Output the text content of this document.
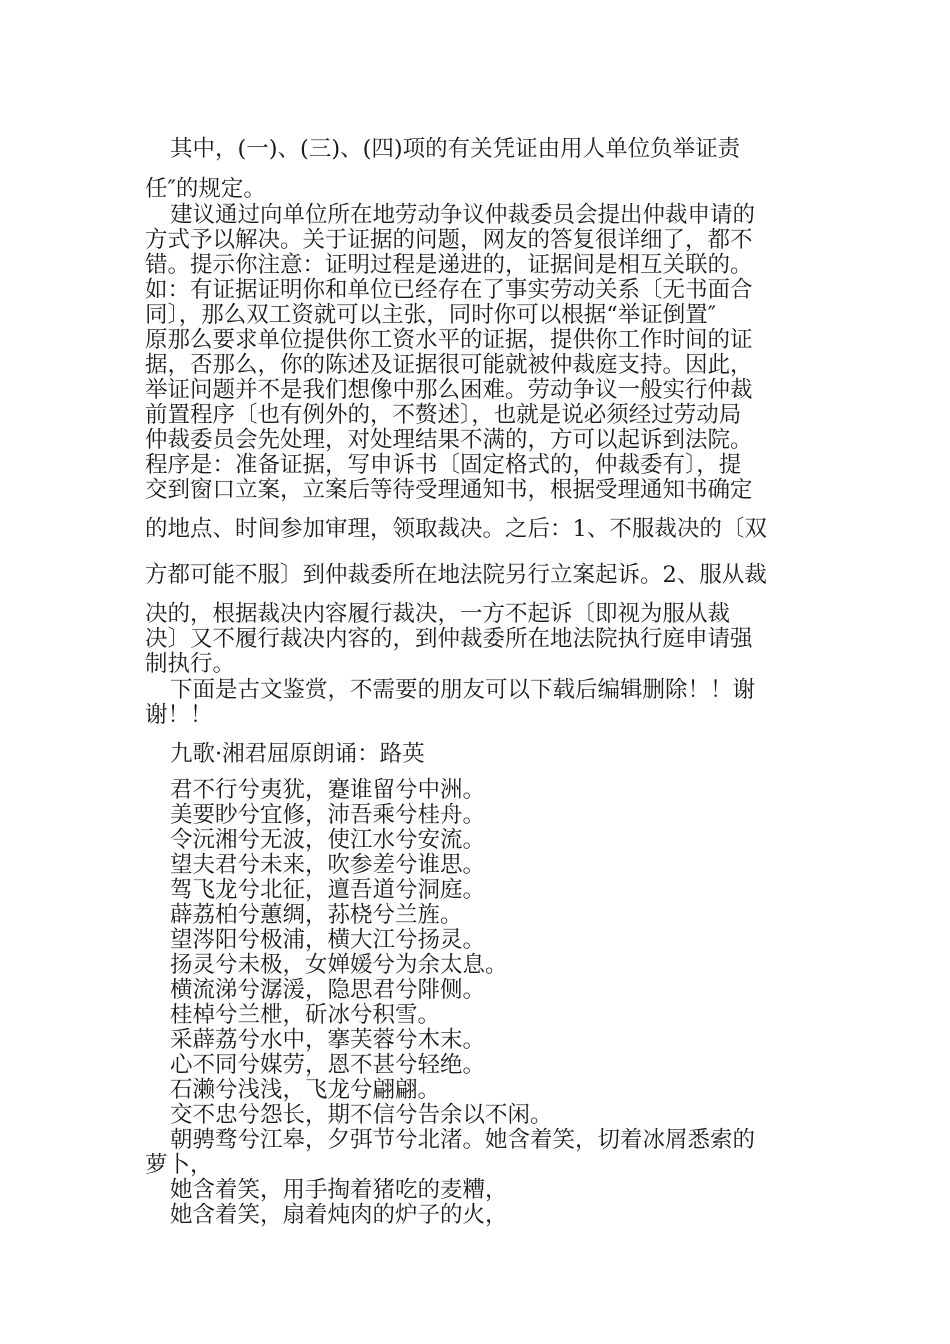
其中，(一)、(三)、(四)项的有关凭证由用人单位负举证责
任″的规定。
建议通过向单位所在地劳动争议仲裁委员会提出仲裁申请的
方式予以解决。关于证据的问题，网友的答复很详细了，都不
错。提示你注意：证明过程是递进的，证据间是相互关联的。
如：有证据证明你和单位已经存在了事实劳动关系〔无书面合
同〕，那么双工资就可以主张，同时你可以根据“举证倒置″
原那么要求单位提供你工资水平的证据，提供你工作时间的证
据，否那么，你的陈述及证据很可能就被仲裁庭支持。因此，
举证问题并不是我们想像中那么困难。劳动争议一般实行仲裁
前置程序〔也有例外的，不赘述〕，也就是说必须经过劳动局
仲裁委员会先处理，对处理结果不满的，方可以起诉到法院。
程序是：准备证据，写申诉书〔固定格式的，仲裁委有〕，提
交到窗口立案，立案后等待受理通知书，根据受理通知书确定
的地点、时间参加审理，领取裁决。之后：1、不服裁决的〔双
方都可能不服〕到仲裁委所在地法院另行立案起诉。2、服从裁
决的，根据裁决内容履行裁决，一方不起诉〔即视为服从裁
决〕又不履行裁决内容的，到仲裁委所在地法院执行庭申请强
制执行。
下面是古文鉴赏，不需要的朋友可以下载后编辑删除！！谢
谢！！
九歌·湘君屈原朗诵：路英
君不行兮夷犹，蹇谁留兮中洲。
美要眇兮宜修，沛吾乘兮桂舟。
令沅湘兮无波，使江水兮安流。
望夫君兮未来，吹参差兮谁思。
驾飞龙兮北征，邅吾道兮洞庭。
薜荔柏兮蕙绸，荪桡兮兰旌。
望涔阳兮极浦，横大江兮扬灵。
扬灵兮未极，女婵媛兮为余太息。
横流涕兮潺湲，隐思君兮陫侧。
桂棹兮兰枻，斫冰兮积雪。
采薜荔兮水中，搴芙蓉兮木末。
心不同兮媒劳，恩不甚兮轻绝。
石濑兮浅浅，飞龙兮翩翩。
交不忠兮怨长，期不信兮告余以不闲。
朝骋骛兮江皋，夕弭节兮北渚。她含着笑，切着冰屑悉索的
萝卜，
她含着笑，用手掏着猪吃的麦糟，
她含着笑，扇着炖肉的炉子的火，
